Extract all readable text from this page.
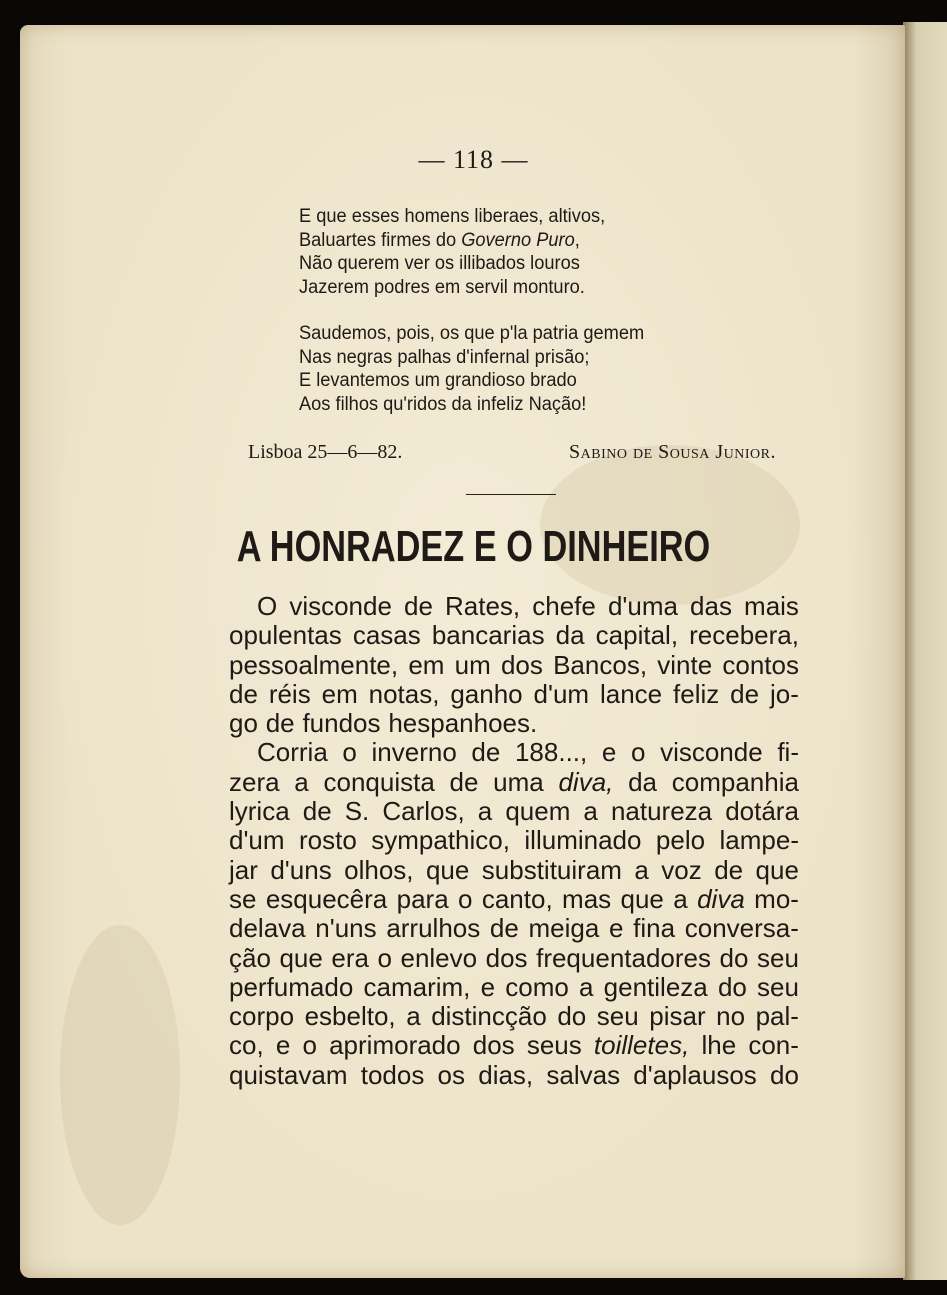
— 118 —
E que esses homens liberaes, altivos,
Baluartes firmes do Governo Puro,
Não querem ver os illibados louros
Jazerem podres em servil monturo.
Saudemos, pois, os que p'la patria gemem
Nas negras palhas d'infernal prisão;
E levantemos um grandioso brado
Aos filhos qu'ridos da infeliz Nação!
Lisboa 25—6—82.	Sabino de Sousa Junior.
A HONRADEZ E O DINHEIRO
O visconde de Rates, chefe d'uma das mais
opulentas casas bancarias da capital, recebera,
pessoalmente, em um dos Bancos, vinte contos
de réis em notas, ganho d'um lance feliz de jo-
go de fundos hespanhoes.
Corria o inverno de 188..., e o visconde fi-
zera a conquista de uma diva, da companhia
lyrica de S. Carlos, a quem a natureza dotára
d'um rosto sympathico, illuminado pelo lampe-
jar d'uns olhos, que substituiram a voz de que
se esquecêra para o canto, mas que a diva mo-
delava n'uns arrulhos de meiga e fina conversa-
ção que era o enlevo dos frequentadores do seu
perfumado camarim, e como a gentileza do seu
corpo esbelto, a distincção do seu pisar no pal-
co, e o aprimorado dos seus toilletes, lhe con-
quistavam todos os dias, salvas d'aplausos do
